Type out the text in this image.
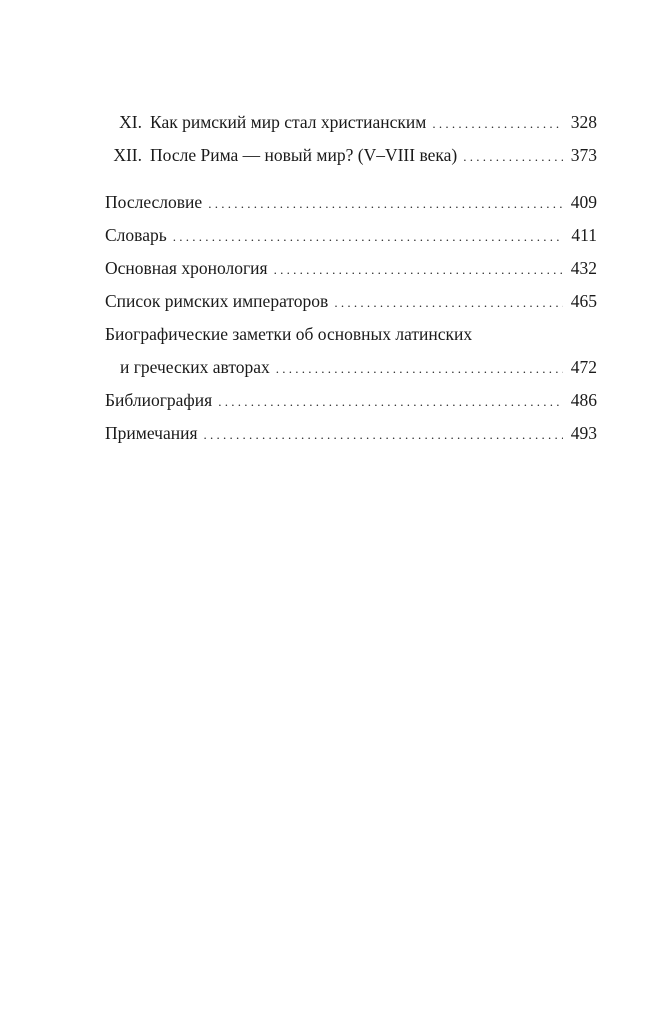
XI. Как римский мир стал христианским . . .	328
XII. После Рима — новый мир? (V–VIII века) . . .	373
Послесловие . . .	409
Словарь . . .	411
Основная хронология . . .	432
Список римских императоров . . .	465
Биографические заметки об основных латинских
и греческих авторах . . .	472
Библиография . . .	486
Примечания . . .	493
